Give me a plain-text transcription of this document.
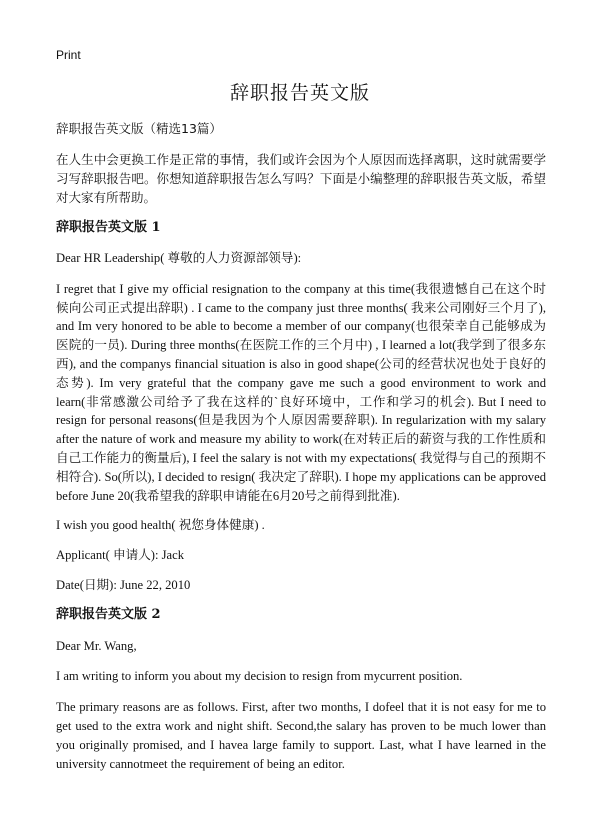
Print
辞职报告英文版

辞职报告英文版（精选13篇）

在人生中会更换工作是正常的事情，我们或许会因为个人原因而选择离职，这时就需要学习写辞职报告吧。你想知道辞职报告怎么写吗？下面是小编整理的辞职报告英文版，希望对大家有所帮助。

辞职报告英文版 1

Dear HR Leadership( 尊敬的人力资源部领导):

I regret that I give my official resignation to the company at this time(我很遗憾自己在这个时候向公司正式提出辞职) . I came to the company just three months( 我来公司刚好三个月了), and Im very honored to be able to become a member of our company(也很荣幸自己能够成为医院的一员). During three months(在医院工作的三个月中) , I learned a lot(我学到了很多东西), and the companys financial situation is also in good shape(公司的经营状况也处于良好的态势). Im very grateful that the company gave me such a good environment to work and learn(非常感激公司给予了我在这样的`良好环境中，工作和学习的机会). But I need to resign for personal reasons(但是我因为个人原因需要辞职). In regularization with my salary after the nature of work and measure my ability to work(在对转正后的薪资与我的工作性质和自己工作能力的衡量后), I feel the salary is not with my expectations( 我觉得与自己的预期不相符合). So(所以), I decided to resign( 我决定了辞职). I hope my applications can be approved before June 20(我希望我的辞职申请能在6月20号之前得到批准).

I wish you good health( 祝您身体健康) .

Applicant( 申请人): Jack

Date(日期): June 22, 2010

辞职报告英文版 2

Dear Mr. Wang,

I am writing to inform you about my decision to resign from mycurrent position.

The primary reasons are as follows. First, after two months, I dofeel that it is not easy for me to get used to the extra work and night shift. Second,the salary has proven to be much lower than you originally promised, and I havea large family to support. Last, what I have learned in the university cannotmeet the requirement of being an editor.
